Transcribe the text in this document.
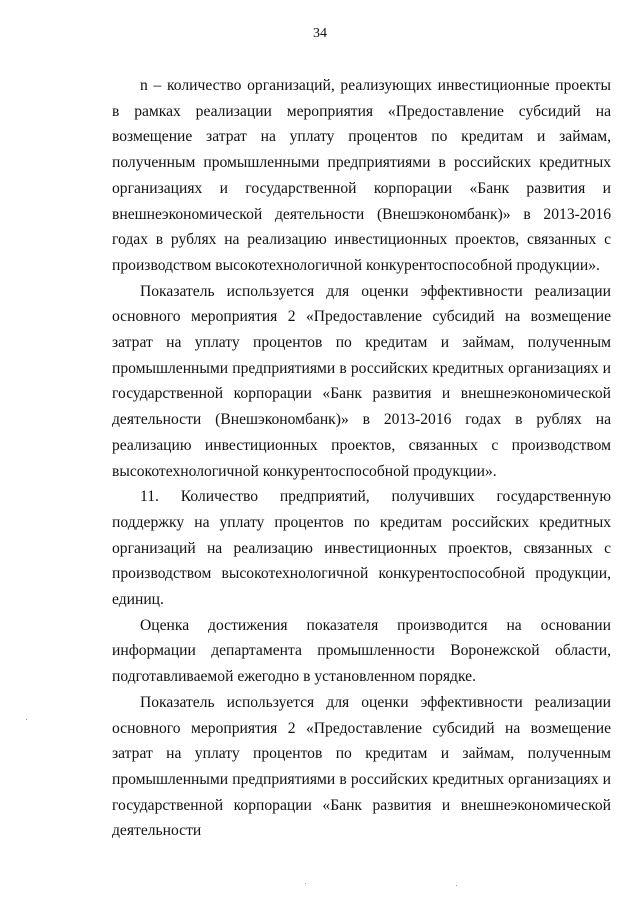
34

n – количество организаций, реализующих инвестиционные проекты в рамках реализации мероприятия «Предоставление субсидий на возмещение затрат на уплату процентов по кредитам и займам, полученным промышленными предприятиями в российских кредитных организациях и государственной корпорации «Банк развития и внешнеэкономической деятельности (Внешэкономбанк)» в 2013-2016 годах в рублях на реализацию инвестиционных проектов, связанных с производством высокотехнологичной конкурентоспособной продукции».

Показатель используется для оценки эффективности реализации основного мероприятия 2 «Предоставление субсидий на возмещение затрат на уплату процентов по кредитам и займам, полученным промышленными предприятиями в российских кредитных организациях и государственной корпорации «Банк развития и внешнеэкономической деятельности (Внешэкономбанк)» в 2013-2016 годах в рублях на реализацию инвестиционных проектов, связанных с производством высокотехнологичной конкурентоспособной продукции».

11. Количество предприятий, получивших государственную поддержку на уплату процентов по кредитам российских кредитных организаций на реализацию инвестиционных проектов, связанных с производством высокотехнологичной конкурентоспособной продукции, единиц.

Оценка достижения показателя производится на основании информации департамента промышленности Воронежской области, подготавливаемой ежегодно в установленном порядке.

Показатель используется для оценки эффективности реализации основного мероприятия 2 «Предоставление субсидий на возмещение затрат на уплату процентов по кредитам и займам, полученным промышленными предприятиями в российских кредитных организациях и государственной корпорации «Банк развития и внешнеэкономической деятельности
